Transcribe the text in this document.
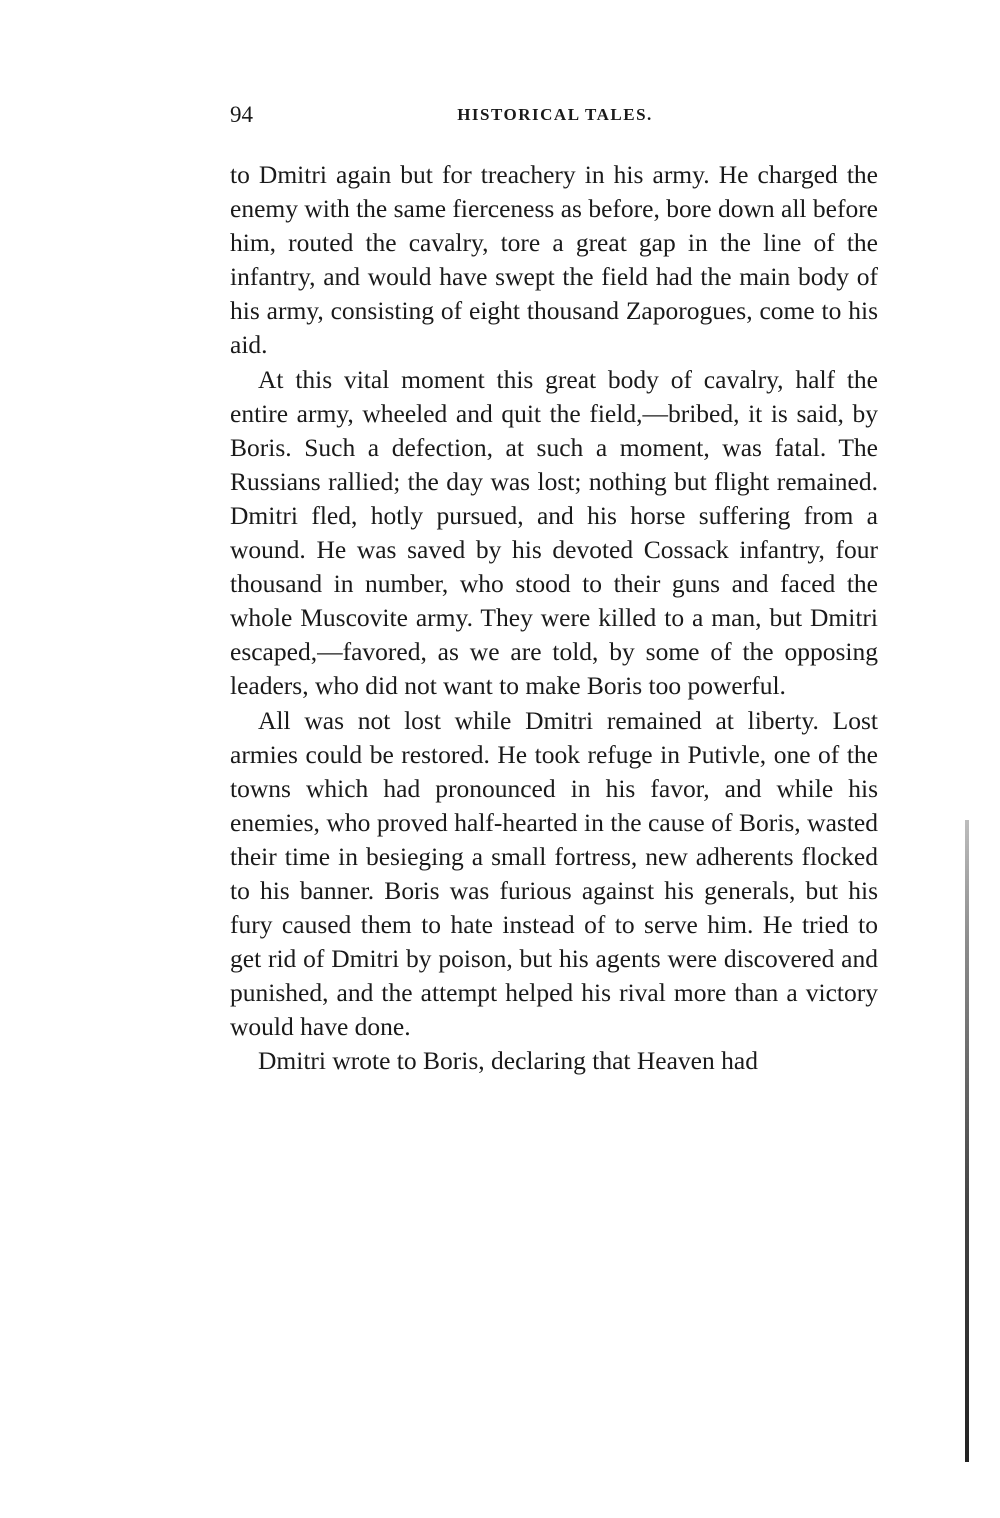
94	HISTORICAL TALES.

to Dmitri again but for treachery in his army. He charged the enemy with the same fierceness as before, bore down all before him, routed the cavalry, tore a great gap in the line of the infantry, and would have swept the field had the main body of his army, consisting of eight thousand Zaporogues, come to his aid.

At this vital moment this great body of cavalry, half the entire army, wheeled and quit the field,—bribed, it is said, by Boris. Such a defection, at such a moment, was fatal. The Russians rallied; the day was lost; nothing but flight remained. Dmitri fled, hotly pursued, and his horse suffering from a wound. He was saved by his devoted Cossack infantry, four thousand in number, who stood to their guns and faced the whole Muscovite army. They were killed to a man, but Dmitri escaped,—favored, as we are told, by some of the opposing leaders, who did not want to make Boris too powerful.

All was not lost while Dmitri remained at liberty. Lost armies could be restored. He took refuge in Putivle, one of the towns which had pronounced in his favor, and while his enemies, who proved half-hearted in the cause of Boris, wasted their time in besieging a small fortress, new adherents flocked to his banner. Boris was furious against his generals, but his fury caused them to hate instead of to serve him. He tried to get rid of Dmitri by poison, but his agents were discovered and punished, and the attempt helped his rival more than a victory would have done.

Dmitri wrote to Boris, declaring that Heaven had
